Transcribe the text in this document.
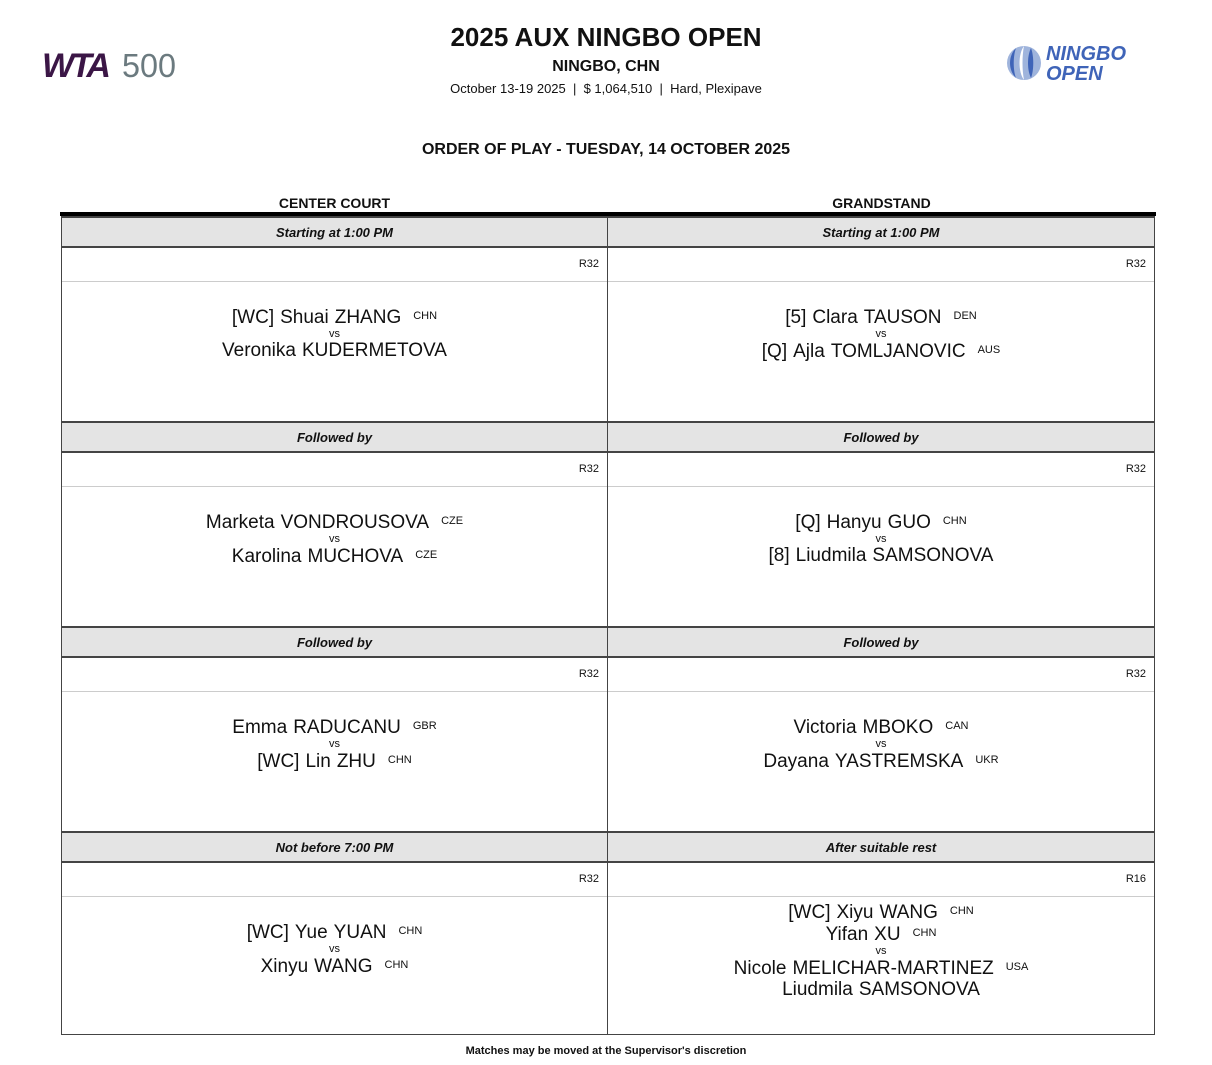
WTA 500	NINGBO
OPEN
2025 AUX NINGBO OPEN
NINGBO, CHN
October 13-19 2025  |  $ 1,064,510  |  Hard, Plexipave
ORDER OF PLAY - TUESDAY, 14 OCTOBER 2025
CENTER COURT	GRANDSTAND
Starting at 1:00 PM
R32
[WC] Shuai ZHANG $^{CHN}$
vs
Veronika KUDERMETOVA
Followed by
R32
Marketa VONDROUSOVA $^{CZE}$
vs
Karolina MUCHOVA $^{CZE}$
Followed by
R32
Emma RADUCANU $^{GBR}$
vs
[WC] Lin ZHU $^{CHN}$
Not before 7:00 PM
R32
[WC] Yue YUAN $^{CHN}$
vs
Xinyu WANG $^{CHN}$
Starting at 1:00 PM
R32
[5] Clara TAUSON $^{DEN}$
vs
[Q] Ajla TOMLJANOVIC $^{AUS}$
Followed by
R32
[Q] Hanyu GUO $^{CHN}$
vs
[8] Liudmila SAMSONOVA
Followed by
R32
Victoria MBOKO $^{CAN}$
vs
Dayana YASTREMSKA $^{UKR}$
After suitable rest
R16
[WC] Xiyu WANG $^{CHN}$
Yifan XU $^{CHN}$
vs
Nicole MELICHAR-MARTINEZ $^{USA}$
Liudmila SAMSONOVA
Matches may be moved at the Supervisor's discretion
